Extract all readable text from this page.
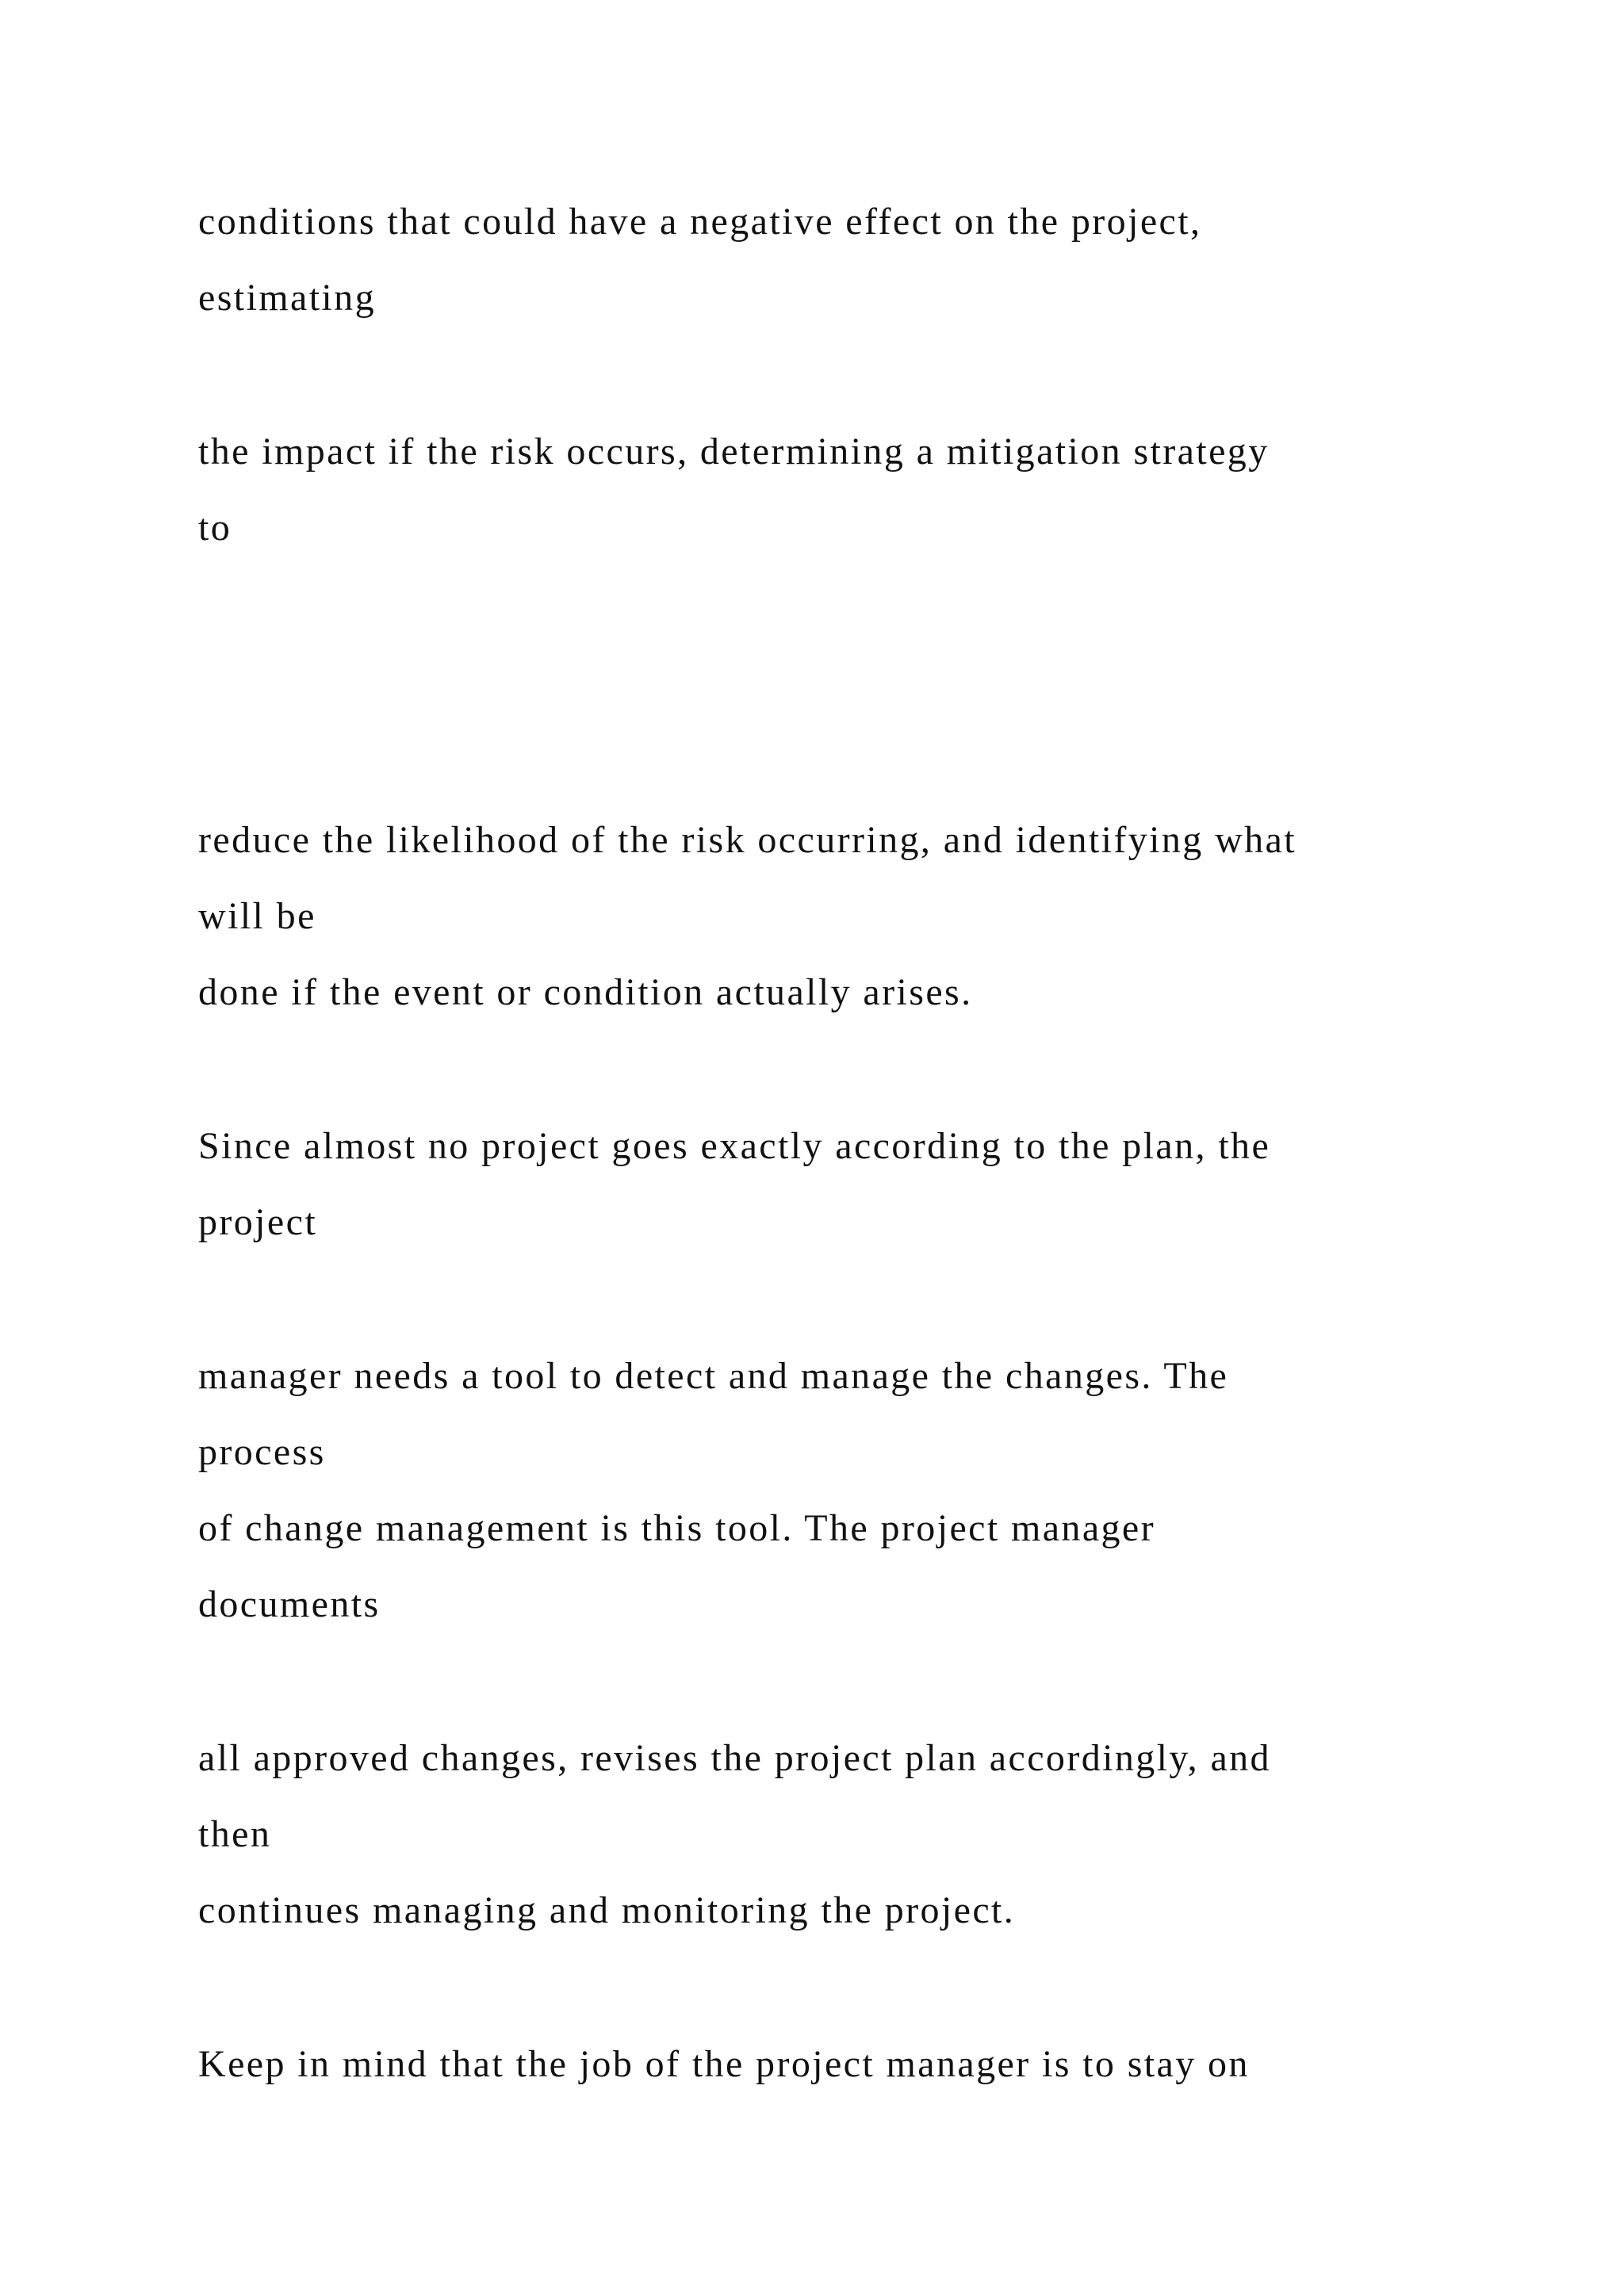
conditions that could have a negative effect on the project,

estimating

the impact if the risk occurs, determining a mitigation strategy

to

reduce the likelihood of the risk occurring, and identifying what

will be

done if the event or condition actually arises.

Since almost no project goes exactly according to the plan, the

project

manager needs a tool to detect and manage the changes. The

process

of change management is this tool. The project manager

documents

all approved changes, revises the project plan accordingly, and

then

continues managing and monitoring the project.

Keep in mind that the job of the project manager is to stay on
